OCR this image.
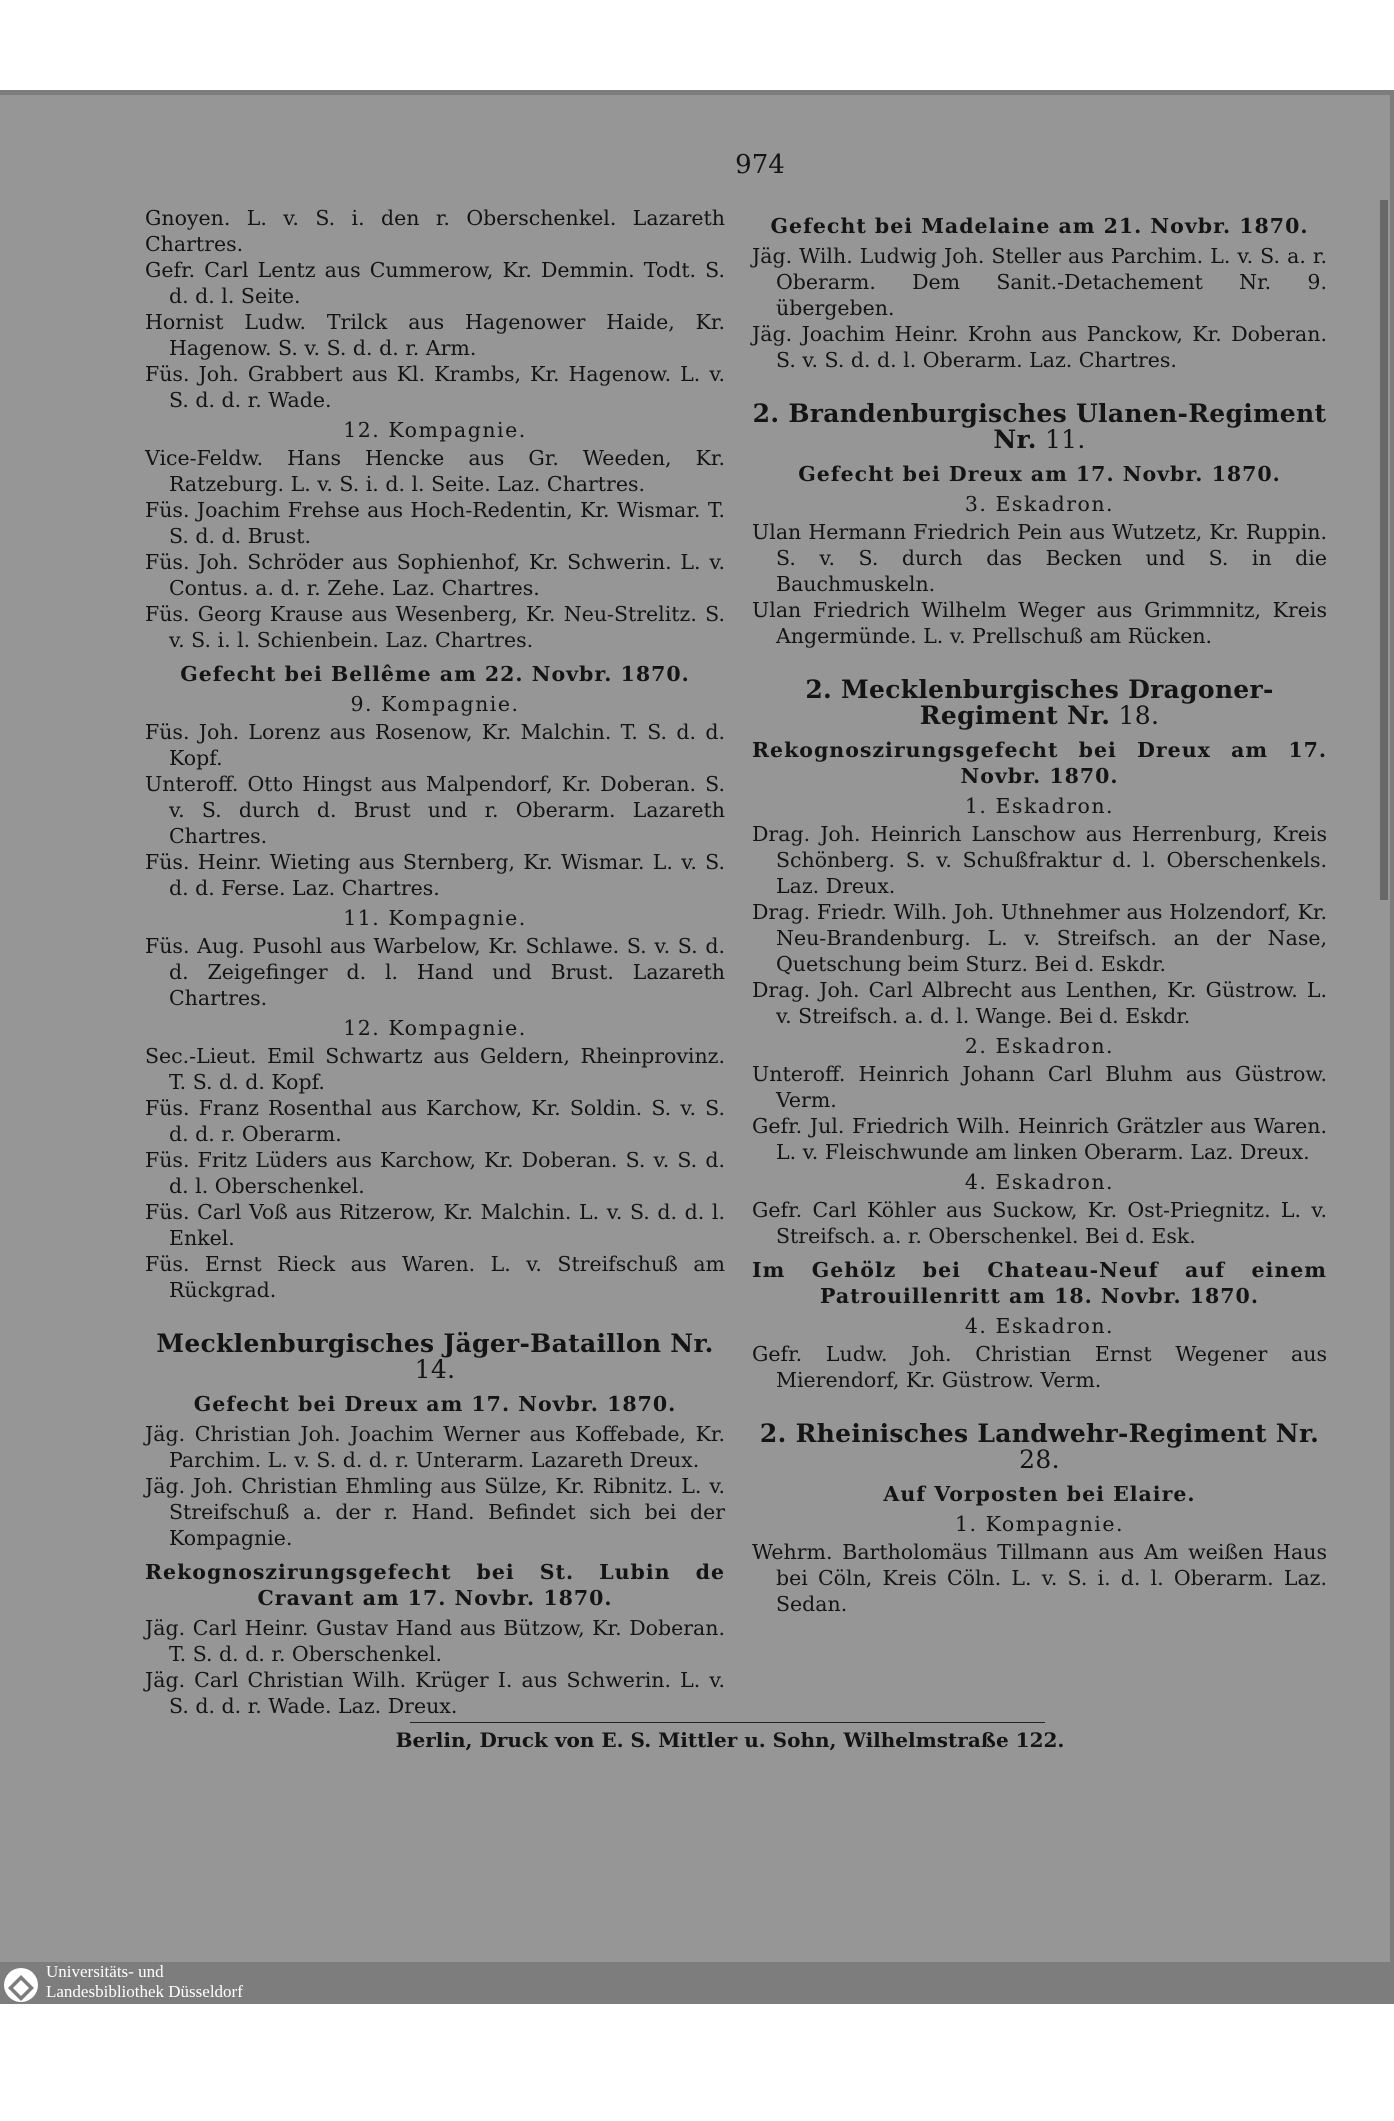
974
Gnoyen. L. v. S. i. den r. Oberschenkel. Lazareth Chartres.
Gefr. Carl Lentz aus Cummerow, Kr. Demmin. Todt. S. d. d. l. Seite.
Hornist Ludw. Trilck aus Hagenower Haide, Kr. Hagenow. S. v. S. d. d. r. Arm.
Füs. Joh. Grabbert aus Kl. Krambs, Kr. Hagenow. L. v. S. d. d. r. Wade.
12. Kompagnie.
Vice-Feldw. Hans Hencke aus Gr. Weeden, Kr. Ratzeburg. L. v. S. i. d. l. Seite. Laz. Chartres.
Füs. Joachim Frehse aus Hoch-Redentin, Kr. Wismar. T. S. d. d. Brust.
Füs. Joh. Schröder aus Sophienhof, Kr. Schwerin. L. v. Contus. a. d. r. Zehe. Laz. Chartres.
Füs. Georg Krause aus Wesenberg, Kr. Neu-Strelitz. S. v. S. i. l. Schienbein. Laz. Chartres.
Gefecht bei Bellême am 22. Novbr. 1870.
9. Kompagnie.
Füs. Joh. Lorenz aus Rosenow, Kr. Malchin. T. S. d. d. Kopf.
Unteroff. Otto Hingst aus Malpendorf, Kr. Doberan. S. v. S. durch d. Brust und r. Oberarm. Lazareth Chartres.
Füs. Heinr. Wieting aus Sternberg, Kr. Wismar. L. v. S. d. d. Ferse. Laz. Chartres.
11. Kompagnie.
Füs. Aug. Pusohl aus Warbelow, Kr. Schlawe. S. v. S. d. d. Zeigefinger d. l. Hand und Brust. Lazareth Chartres.
12. Kompagnie.
Sec.-Lieut. Emil Schwartz aus Geldern, Rheinprovinz. T. S. d. d. Kopf.
Füs. Franz Rosenthal aus Karchow, Kr. Soldin. S. v. S. d. d. r. Oberarm.
Füs. Fritz Lüders aus Karchow, Kr. Doberan. S. v. S. d. d. l. Oberschenkel.
Füs. Carl Voß aus Ritzerow, Kr. Malchin. L. v. S. d. d. l. Enkel.
Füs. Ernst Rieck aus Waren. L. v. Streifschuß am Rückgrad.
Mecklenburgisches Jäger-Bataillon Nr. 14.
Gefecht bei Dreux am 17. Novbr. 1870.
Jäg. Christian Joh. Joachim Werner aus Koffebade, Kr. Parchim. L. v. S. d. d. r. Unterarm. Lazareth Dreux.
Jäg. Joh. Christian Ehmling aus Sülze, Kr. Ribnitz. L. v. Streifschuß a. der r. Hand. Befindet sich bei der Kompagnie.
Rekognoszirungsgefecht bei St. Lubin de Cravant am 17. Novbr. 1870.
Jäg. Carl Heinr. Gustav Hand aus Bützow, Kr. Doberan. T. S. d. d. r. Oberschenkel.
Jäg. Carl Christian Wilh. Krüger I. aus Schwerin. L. v. S. d. d. r. Wade. Laz. Dreux.
Gefecht bei Madelaine am 21. Novbr. 1870.
Jäg. Wilh. Ludwig Joh. Steller aus Parchim. L. v. S. a. r. Oberarm. Dem Sanit.-Detachement Nr. 9. übergeben.
Jäg. Joachim Heinr. Krohn aus Panckow, Kr. Doberan. S. v. S. d. d. l. Oberarm. Laz. Chartres.
2. Brandenburgisches Ulanen-Regiment Nr. 11.
Gefecht bei Dreux am 17. Novbr. 1870.
3. Eskadron.
Ulan Hermann Friedrich Pein aus Wutzetz, Kr. Ruppin. S. v. S. durch das Becken und S. in die Bauchmuskeln.
Ulan Friedrich Wilhelm Weger aus Grimmnitz, Kreis Angermünde. L. v. Prellschuß am Rücken.
2. Mecklenburgisches Dragoner-Regiment Nr. 18.
Rekognoszirungsgefecht bei Dreux am 17. Novbr. 1870.
1. Eskadron.
Drag. Joh. Heinrich Lanschow aus Herrenburg, Kreis Schönberg. S. v. Schußfraktur d. l. Oberschenkels. Laz. Dreux.
Drag. Friedr. Wilh. Joh. Uthnehmer aus Holzendorf, Kr. Neu-Brandenburg. L. v. Streifsch. an der Nase, Quetschung beim Sturz. Bei d. Eskdr.
Drag. Joh. Carl Albrecht aus Lenthen, Kr. Güstrow. L. v. Streifsch. a. d. l. Wange. Bei d. Eskdr.
2. Eskadron.
Unteroff. Heinrich Johann Carl Bluhm aus Güstrow. Verm.
Gefr. Jul. Friedrich Wilh. Heinrich Grätzler aus Waren. L. v. Fleischwunde am linken Oberarm. Laz. Dreux.
4. Eskadron.
Gefr. Carl Köhler aus Suckow, Kr. Ost-Priegnitz. L. v. Streifsch. a. r. Oberschenkel. Bei d. Esk.
Im Gehölz bei Chateau-Neuf auf einem Patrouillenritt am 18. Novbr. 1870.
4. Eskadron.
Gefr. Ludw. Joh. Christian Ernst Wegener aus Mierendorf, Kr. Güstrow. Verm.
2. Rheinisches Landwehr-Regiment Nr. 28.
Auf Vorposten bei Elaire.
1. Kompagnie.
Wehrm. Bartholomäus Tillmann aus Am weißen Haus bei Cöln, Kreis Cöln. L. v. S. i. d. l. Oberarm. Laz. Sedan.
Berlin, Druck von E. S. Mittler u. Sohn, Wilhelmstraße 122.
Universitäts- und
Landesbibliothek Düsseldorf
